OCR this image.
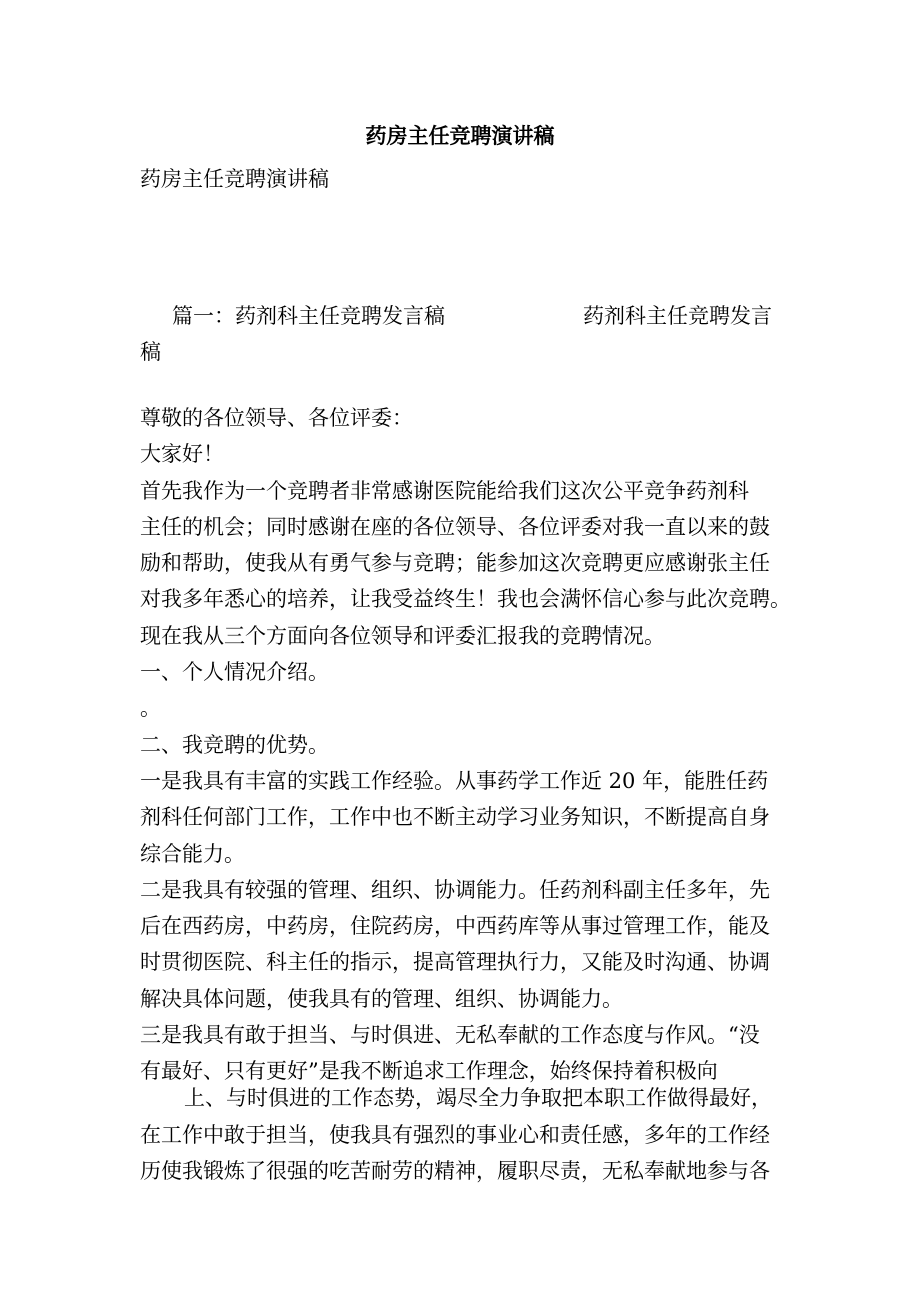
药房主任竞聘演讲稿
药房主任竞聘演讲稿
篇一：药剂科主任竞聘发言稿	药剂科主任竞聘发言
稿

尊敬的各位领导、各位评委：

大家好！

首先我作为一个竞聘者非常感谢医院能给我们这次公平竞争药剂科

主任的机会；同时感谢在座的各位领导、各位评委对我一直以来的鼓

励和帮助，使我从有勇气参与竞聘；能参加这次竞聘更应感谢张主任

对我多年悉心的培养，让我受益终生！我也会满怀信心参与此次竞聘。

现在我从三个方面向各位领导和评委汇报我的竞聘情况。

一、个人情况介绍。

。

二、我竞聘的优势。

一是我具有丰富的实践工作经验。从事药学工作近 20 年，能胜任药

剂科任何部门工作，工作中也不断主动学习业务知识，不断提高自身

综合能力。

二是我具有较强的管理、组织、协调能力。任药剂科副主任多年，先

后在西药房，中药房，住院药房，中西药库等从事过管理工作，能及

时贯彻医院、科主任的指示，提高管理执行力，又能及时沟通、协调

解决具体问题，使我具有的管理、组织、协调能力。

三是我具有敢于担当、与时俱进、无私奉献的工作态度与作风。“没

有最好、只有更好”是我不断追求工作理念，始终保持着积极向

上、与时俱进的工作态势，竭尽全力争取把本职工作做得最好，

在工作中敢于担当，使我具有强烈的事业心和责任感，多年的工作经

历使我锻炼了很强的吃苦耐劳的精神，履职尽责，无私奉献地参与各
